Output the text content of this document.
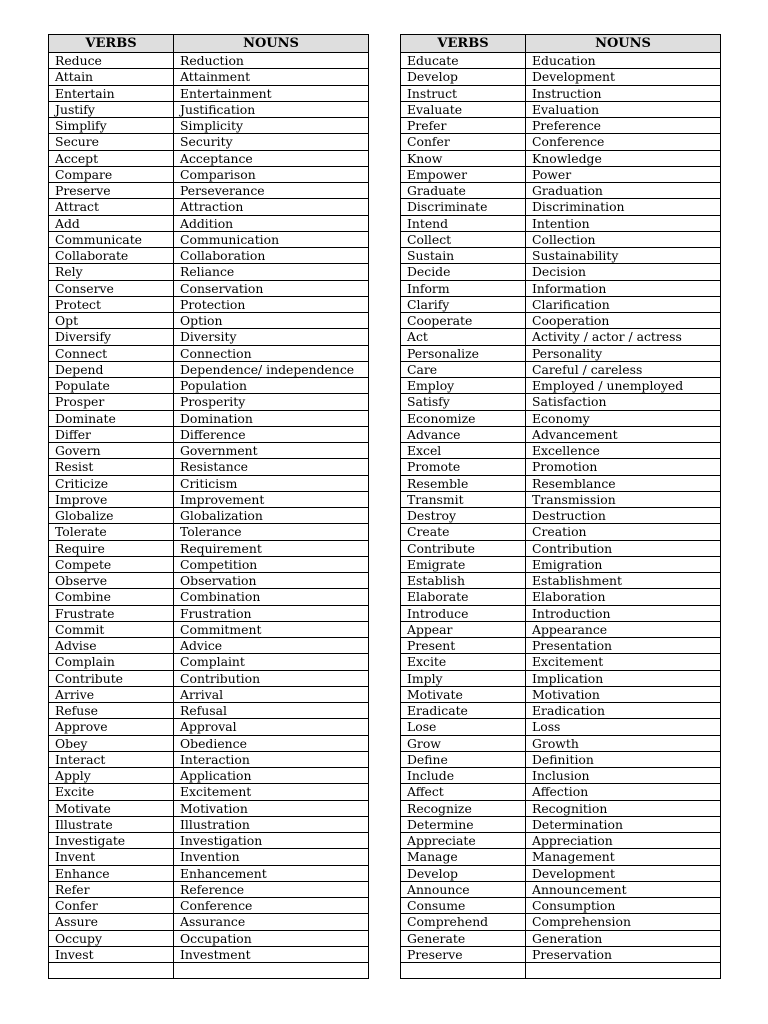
VERBS	NOUNS
Reduce	Reduction
Attain	Attainment
Entertain	Entertainment
Justify	Justification
Simplify	Simplicity
Secure	Security
Accept	Acceptance
Compare	Comparison
Preserve	Perseverance
Attract	Attraction
Add	Addition
Communicate	Communication
Collaborate	Collaboration
Rely	Reliance
Conserve	Conservation
Protect	Protection
Opt	Option
Diversify	Diversity
Connect	Connection
Depend	Dependence/ independence
Populate	Population
Prosper	Prosperity
Dominate	Domination
Differ	Difference
Govern	Government
Resist	Resistance
Criticize	Criticism
Improve	Improvement
Globalize	Globalization
Tolerate	Tolerance
Require	Requirement
Compete	Competition
Observe	Observation
Combine	Combination
Frustrate	Frustration
Commit	Commitment
Advise	Advice
Complain	Complaint
Contribute	Contribution
Arrive	Arrival
Refuse	Refusal
Approve	Approval
Obey	Obedience
Interact	Interaction
Apply	Application
Excite	Excitement
Motivate	Motivation
Illustrate	Illustration
Investigate	Investigation
Invent	Invention
Enhance	Enhancement
Refer	Reference
Confer	Conference
Assure	Assurance
Occupy	Occupation
Invest	Investment

VERBS	NOUNS
Educate	Education
Develop	Development
Instruct	Instruction
Evaluate	Evaluation
Prefer	Preference
Confer	Conference
Know	Knowledge
Empower	Power
Graduate	Graduation
Discriminate	Discrimination
Intend	Intention
Collect	Collection
Sustain	Sustainability
Decide	Decision
Inform	Information
Clarify	Clarification
Cooperate	Cooperation
Act	Activity / actor / actress
Personalize	Personality
Care	Careful / careless
Employ	Employed / unemployed
Satisfy	Satisfaction
Economize	Economy
Advance	Advancement
Excel	Excellence
Promote	Promotion
Resemble	Resemblance
Transmit	Transmission
Destroy	Destruction
Create	Creation
Contribute	Contribution
Emigrate	Emigration
Establish	Establishment
Elaborate	Elaboration
Introduce	Introduction
Appear	Appearance
Present	Presentation
Excite	Excitement
Imply	Implication
Motivate	Motivation
Eradicate	Eradication
Lose	Loss
Grow	Growth
Define	Definition
Include	Inclusion
Affect	Affection
Recognize	Recognition
Determine	Determination
Appreciate	Appreciation
Manage	Management
Develop	Development
Announce	Announcement
Consume	Consumption
Comprehend	Comprehension
Generate	Generation
Preserve	Preservation
